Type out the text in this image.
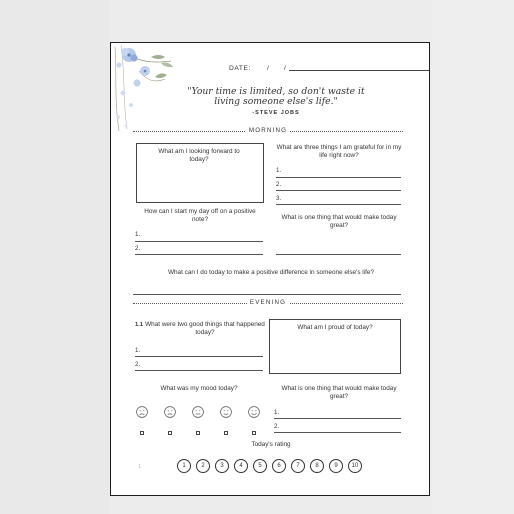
DATE: / /
"Your time is limited, so don't waste it
living someone else's life."
-STEVE JOBS
MORNING
What am I looking forward to today?
What are three things I am grateful for in my life right now?
1.
2.
3.
How can I start my day off on a positive note?
1.
2.
What is one thing that would make today great?
What can I do today to make a positive difference in someone else's life?
EVENING
1.1 What were two good things that happened today?
1.
2.
What am I proud of today?
What was my mood today?	What is one thing that would make today great?
1.
2.
Today's rating
1	1	2	3	4	5	6	7	8	9	10
